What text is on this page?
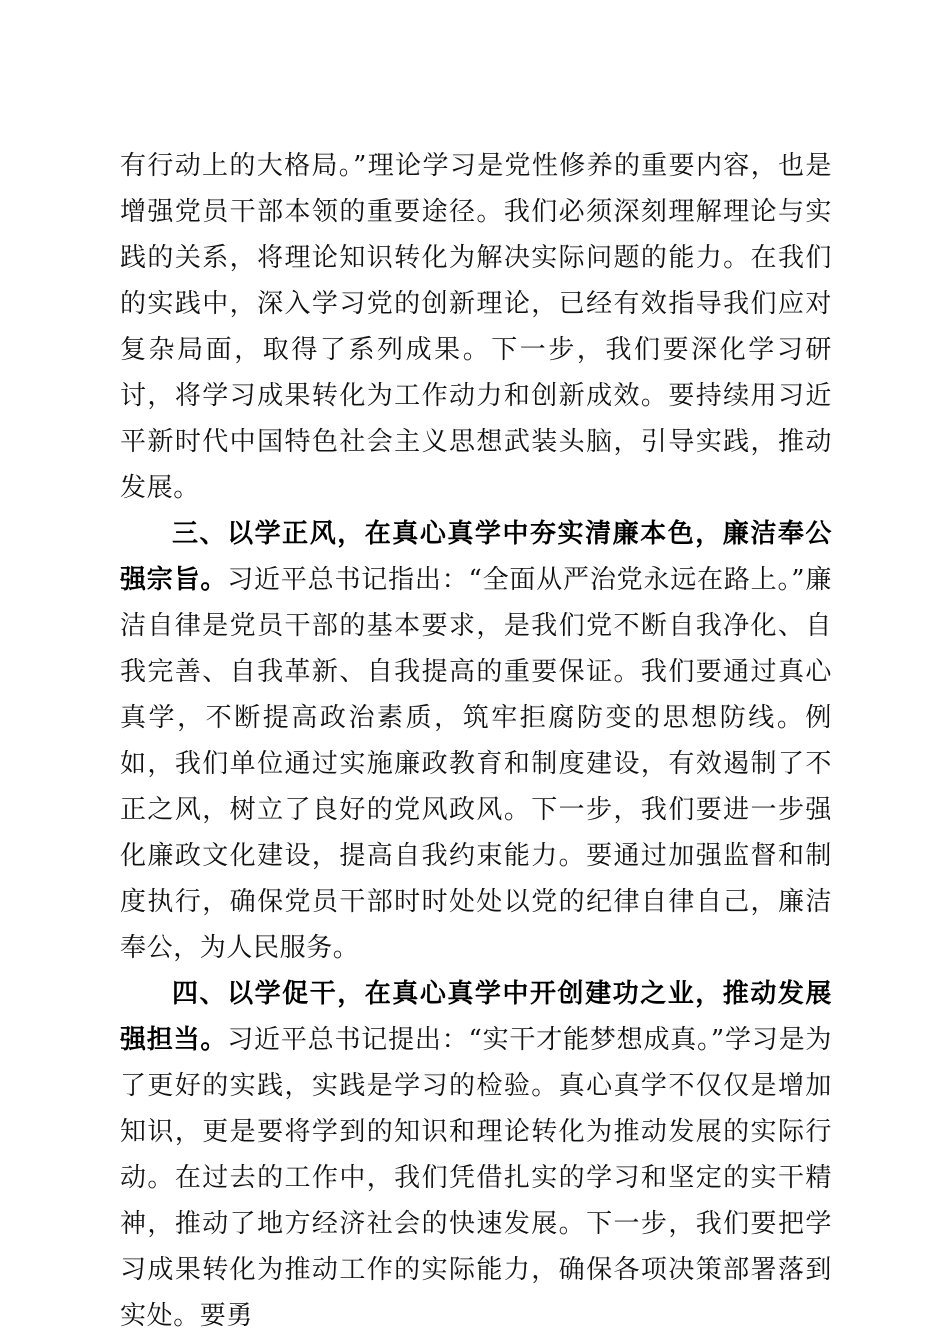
有行动上的大格局。”理论学习是党性修养的重要内容，也是增强党员干部本领的重要途径。我们必须深刻理解理论与实践的关系，将理论知识转化为解决实际问题的能力。在我们的实践中，深入学习党的创新理论，已经有效指导我们应对复杂局面，取得了系列成果。下一步，我们要深化学习研讨，将学习成果转化为工作动力和创新成效。要持续用习近平新时代中国特色社会主义思想武装头脑，引导实践，推动发展。

三、以学正风，在真心真学中夯实清廉本色，廉洁奉公强宗旨。习近平总书记指出：“全面从严治党永远在路上。”廉洁自律是党员干部的基本要求，是我们党不断自我净化、自我完善、自我革新、自我提高的重要保证。我们要通过真心真学，不断提高政治素质，筑牢拒腐防变的思想防线。例如，我们单位通过实施廉政教育和制度建设，有效遏制了不正之风，树立了良好的党风政风。下一步，我们要进一步强化廉政文化建设，提高自我约束能力。要通过加强监督和制度执行，确保党员干部时时处处以党的纪律自律自己，廉洁奉公，为人民服务。

四、以学促干，在真心真学中开创建功之业，推动发展强担当。习近平总书记提出：“实干才能梦想成真。”学习是为了更好的实践，实践是学习的检验。真心真学不仅仅是增加知识，更是要将学到的知识和理论转化为推动发展的实际行动。在过去的工作中，我们凭借扎实的学习和坚定的实干精神，推动了地方经济社会的快速发展。下一步，我们要把学习成果转化为推动工作的实际能力，确保各项决策部署落到实处。要勇
